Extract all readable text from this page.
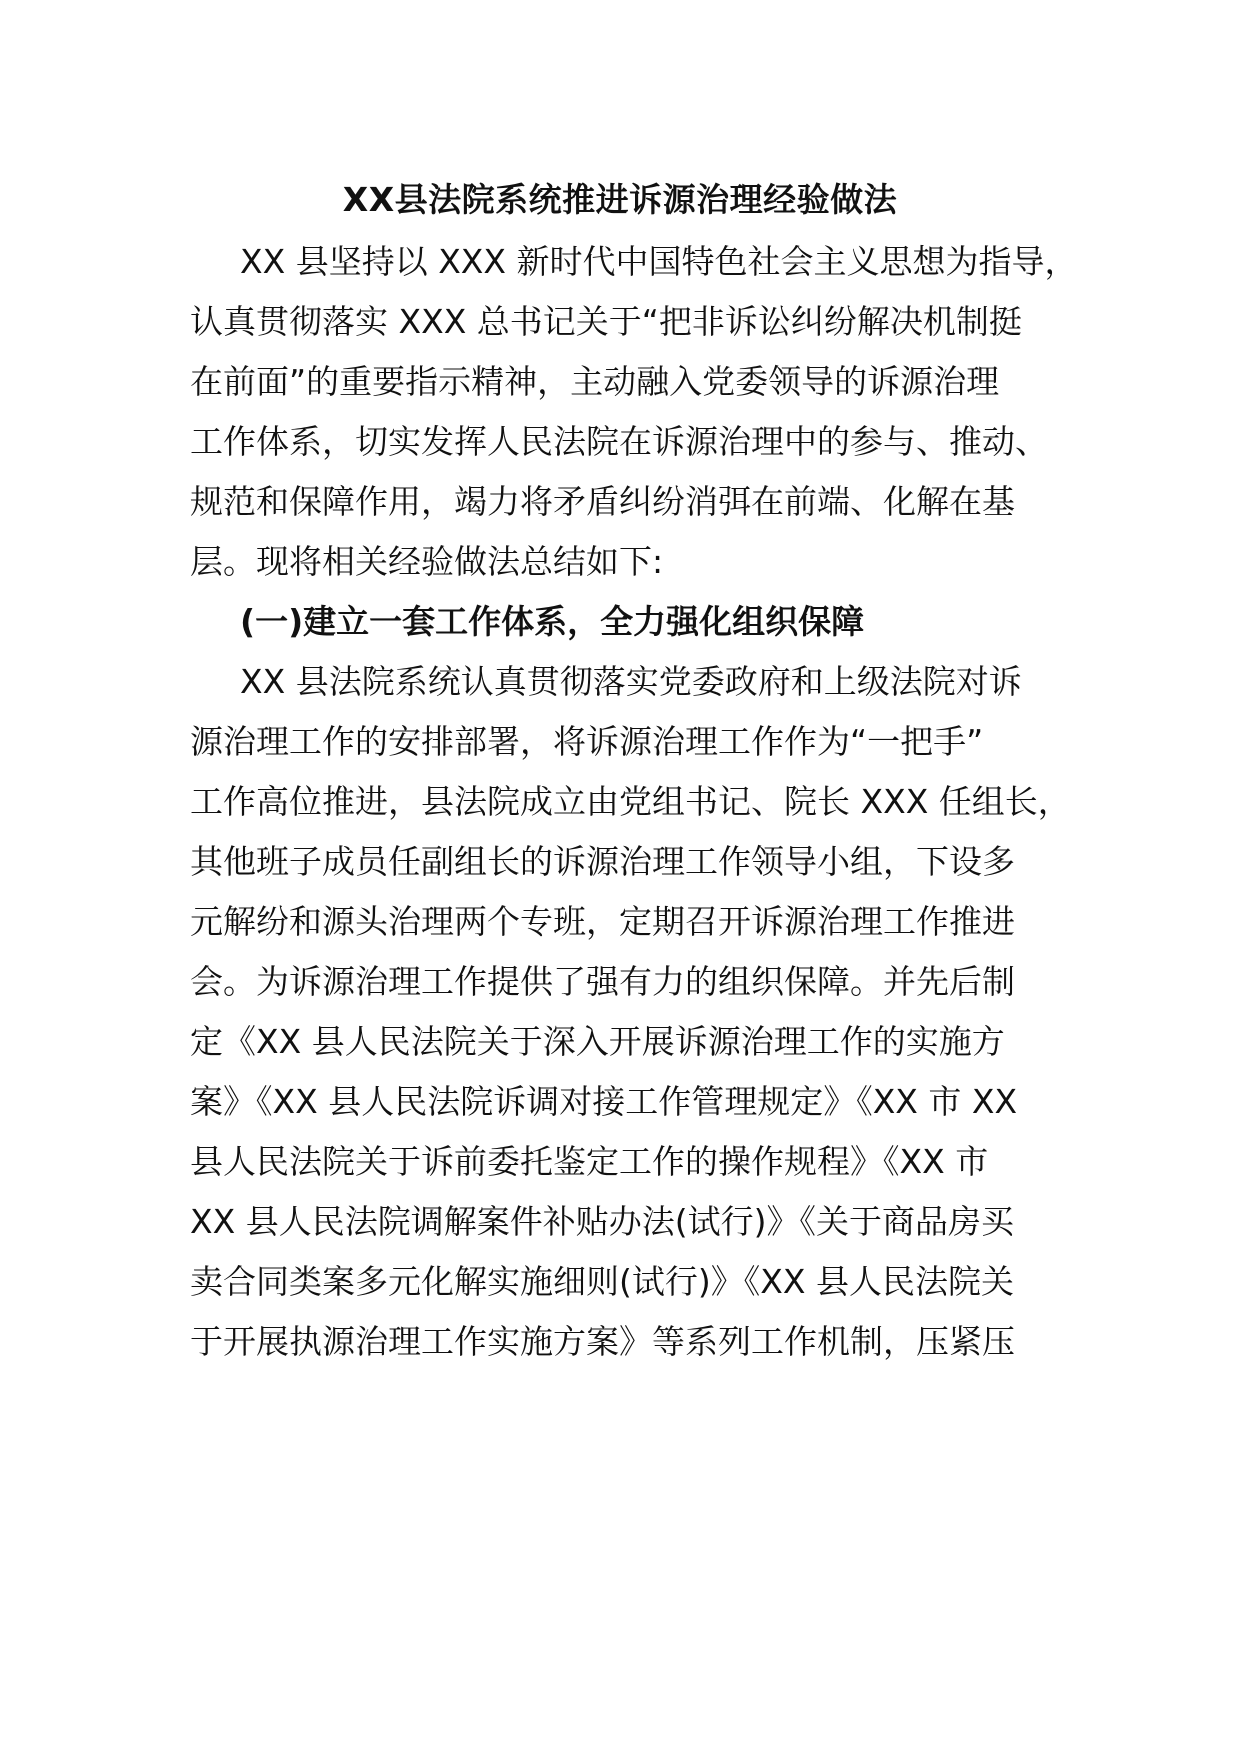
XX县法院系统推进诉源治理经验做法
XX 县坚持以 XXX 新时代中国特色社会主义思想为指导，
认真贯彻落实 XXX 总书记关于“把非诉讼纠纷解决机制挺
在前面”的重要指示精神，主动融入党委领导的诉源治理
工作体系，切实发挥人民法院在诉源治理中的参与、推动、
规范和保障作用，竭力将矛盾纠纷消弭在前端、化解在基
层。现将相关经验做法总结如下:
(一)建立一套工作体系，全力强化组织保障
XX 县法院系统认真贯彻落实党委政府和上级法院对诉
源治理工作的安排部署，将诉源治理工作作为“一把手”
工作高位推进，县法院成立由党组书记、院长 XXX 任组长，
其他班子成员任副组长的诉源治理工作领导小组，下设多
元解纷和源头治理两个专班，定期召开诉源治理工作推进
会。为诉源治理工作提供了强有力的组织保障。并先后制
定《XX 县人民法院关于深入开展诉源治理工作的实施方
案》《XX 县人民法院诉调对接工作管理规定》《XX 市 XX
县人民法院关于诉前委托鉴定工作的操作规程》《XX 市
XX 县人民法院调解案件补贴办法(试行)》《关于商品房买
卖合同类案多元化解实施细则(试行)》《XX 县人民法院关
于开展执源治理工作实施方案》等系列工作机制，压紧压
